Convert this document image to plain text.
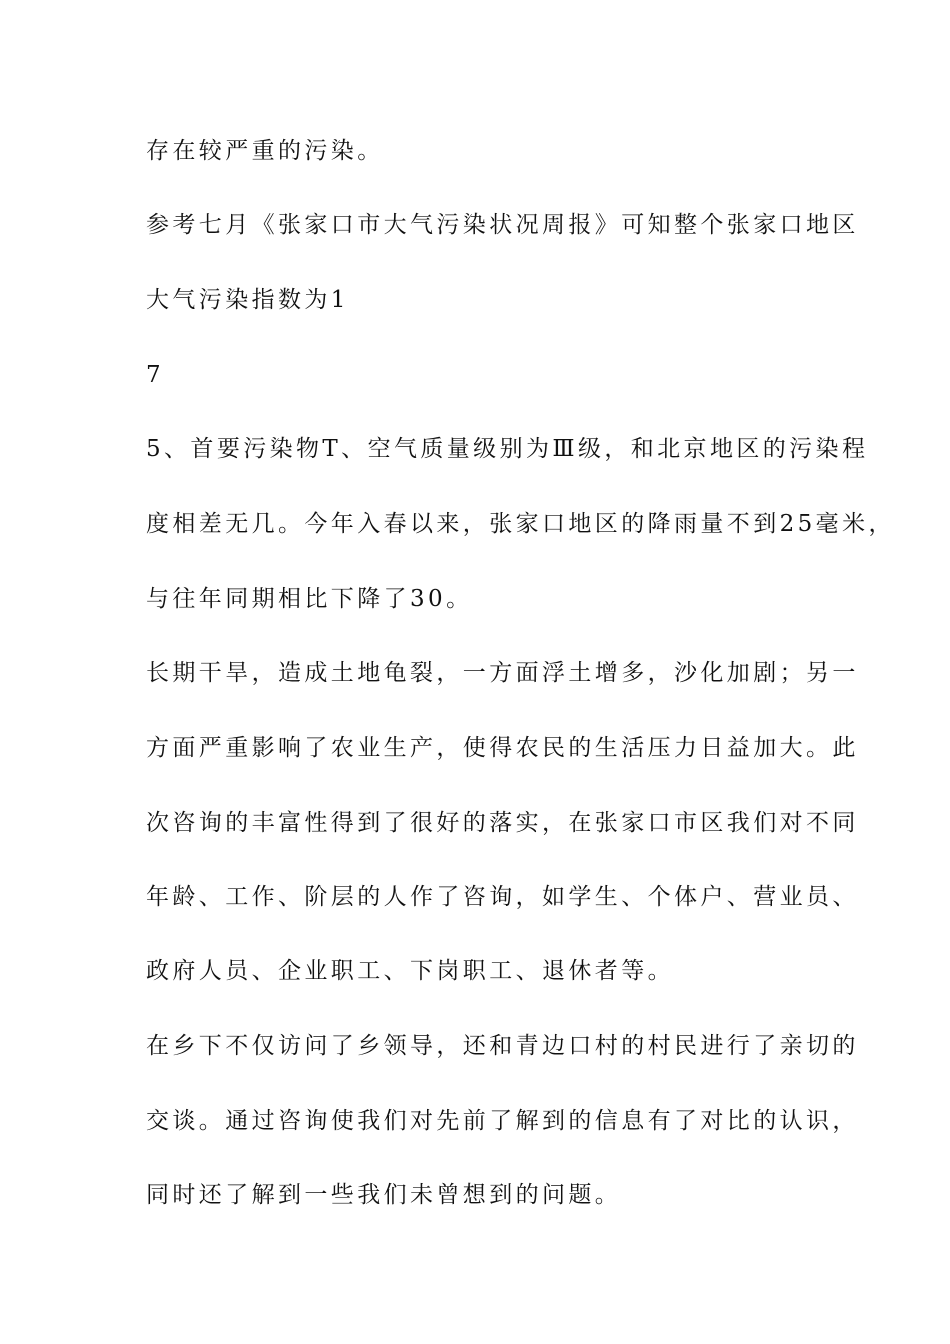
存在较严重的污染。
参考七月《张家口市大气污染状况周报》可知整个张家口地区
大气污染指数为1
7
5、首要污染物T、空气质量级别为Ⅲ级，和北京地区的污染程
度相差无几。今年入春以来，张家口地区的降雨量不到25毫米，
与往年同期相比下降了30。
长期干旱，造成土地龟裂，一方面浮土增多，沙化加剧；另一
方面严重影响了农业生产，使得农民的生活压力日益加大。此
次咨询的丰富性得到了很好的落实，在张家口市区我们对不同
年龄、工作、阶层的人作了咨询，如学生、个体户、营业员、
政府人员、企业职工、下岗职工、退休者等。
在乡下不仅访问了乡领导，还和青边口村的村民进行了亲切的
交谈。通过咨询使我们对先前了解到的信息有了对比的认识，
同时还了解到一些我们未曾想到的问题。
